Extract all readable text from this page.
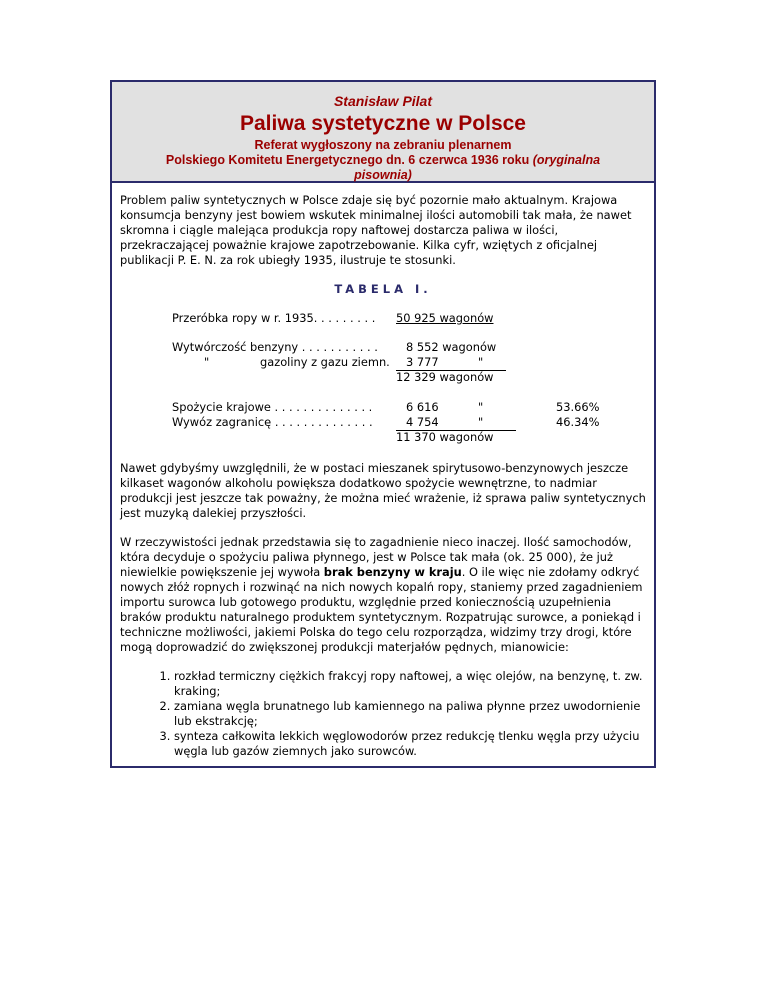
Stanisław Pilat
Paliwa systetyczne w Polsce
Referat wygłoszony na zebraniu plenarnem
Polskiego Komitetu Energetycznego dn. 6 czerwca 1936 roku (oryginalna pisownia)

Problem paliw syntetycznych w Polsce zdaje się być pozornie mało aktualnym. Krajowa konsumcja benzyny jest bowiem wskutek minimalnej ilości automobili tak mała, że nawet skromna i ciągle malejąca produkcja ropy naftowej dostarcza paliwa w ilości, przekraczającej poważnie krajowe zapotrzebowanie. Kilka cyfr, wziętych z oficjalnej publikacji P. E. N. za rok ubiegły 1935, ilustruje te stosunki.

TABELA I.
Przeróbka ropy w r. 1935. . . . . . . . . 50 925 wagonów
Wytwórczość benzyny . . . . . . . . . . . 8 552 wagonów
"	gazoliny z gazu ziemn.	3 777	"
12 329 wagonów
Spożycie krajowe . . . . . . . . . . . . . .	6 616	"	53.66%
Wywóz zagranicę . . . . . . . . . . . . . .	4 754	"	46.34%
11 370 wagonów

Nawet gdybyśmy uwzględnili, że w postaci mieszanek spirytusowo-benzynowych jeszcze kilkaset wagonów alkoholu powiększa dodatkowo spożycie wewnętrzne, to nadmiar produkcji jest jeszcze tak poważny, że można mieć wrażenie, iż sprawa paliw syntetycznych jest muzyką dalekiej przyszłości.

W rzeczywistości jednak przedstawia się to zagadnienie nieco inaczej. Ilość samochodów, która decyduje o spożyciu paliwa płynnego, jest w Polsce tak mała (ok. 25 000), że już niewielkie powiększenie jej wywoła brak benzyny w kraju. O ile więc nie zdołamy odkryć nowych złóż ropnych i rozwinąć na nich nowych kopalń ropy, staniemy przed zagadnieniem importu surowca lub gotowego produktu, względnie przed koniecznością uzupełnienia braków produktu naturalnego produktem syntetycznym. Rozpatrując surowce, a poniekąd i techniczne możliwości, jakiemi Polska do tego celu rozporządza, widzimy trzy drogi, które mogą doprowadzić do zwiększonej produkcji materjałów pędnych, mianowicie:

1. rozkład termiczny ciężkich frakcyj ropy naftowej, a więc olejów, na benzynę, t. zw. kraking;
2. zamiana węgla brunatnego lub kamiennego na paliwa płynne przez uwodornienie lub ekstrakcję;
3. synteza całkowita lekkich węglowodorów przez redukcję tlenku węgla przy użyciu węgla lub gazów ziemnych jako surowców.
